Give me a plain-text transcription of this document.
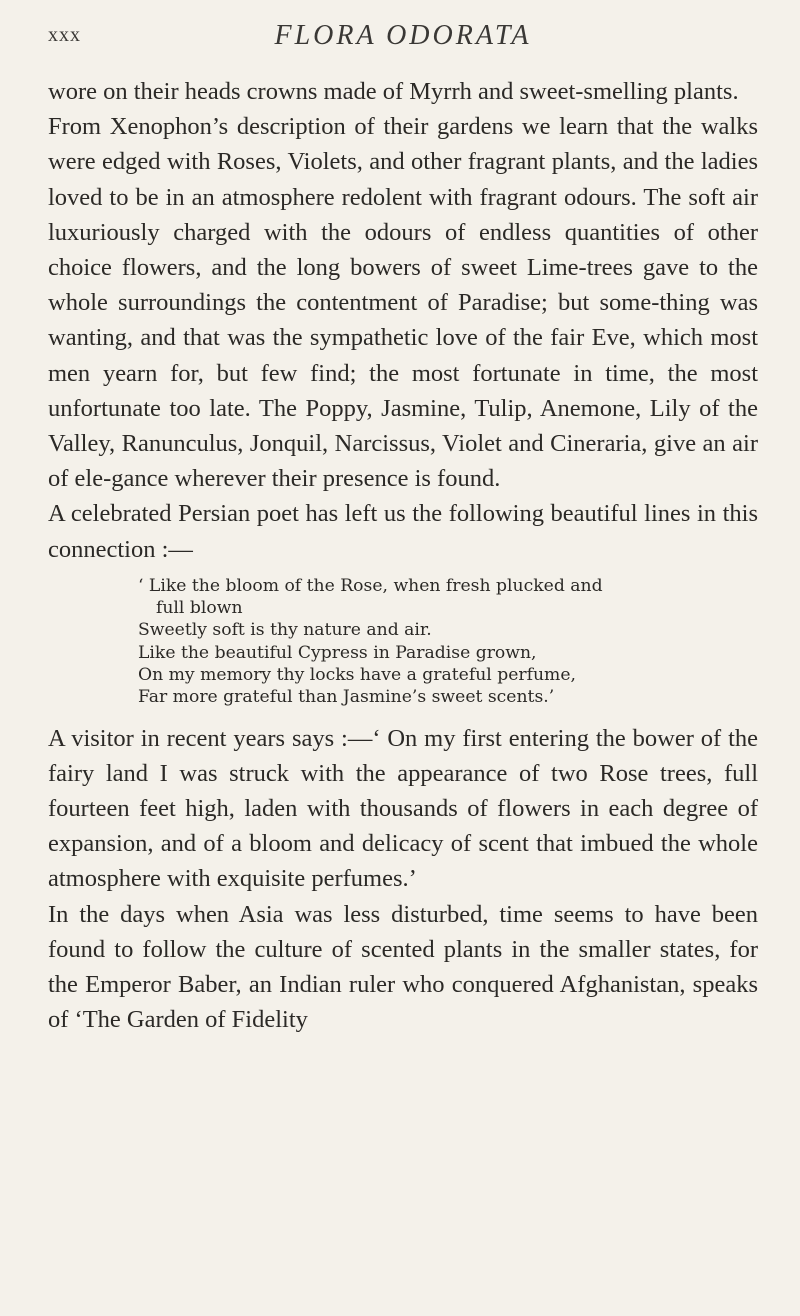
xxx	FLORA ODORATA

wore on their heads crowns made of Myrrh and sweet-smelling plants.

From Xenophon’s description of their gardens we learn that the walks were edged with Roses, Violets, and other fragrant plants, and the ladies loved to be in an atmosphere redolent with fragrant odours. The soft air luxuriously charged with the odours of endless quantities of other choice flowers, and the long bowers of sweet Lime-trees gave to the whole surroundings the contentment of Paradise; but some-thing was wanting, and that was the sympathetic love of the fair Eve, which most men yearn for, but few find; the most fortunate in time, the most unfortunate too late. The Poppy, Jasmine, Tulip, Anemone, Lily of the Valley, Ranunculus, Jonquil, Narcissus, Violet and Cineraria, give an air of ele-gance wherever their presence is found.

A celebrated Persian poet has left us the following beautiful lines in this connection :—

‘ Like the bloom of the Rose, when fresh plucked and
full blown
Sweetly soft is thy nature and air.
Like the beautiful Cypress in Paradise grown,
On my memory thy locks have a grateful perfume,
Far more grateful than Jasmine’s sweet scents.’

A visitor in recent years says :—‘ On my first entering the bower of the fairy land I was struck with the appearance of two Rose trees, full fourteen feet high, laden with thousands of flowers in each degree of expansion, and of a bloom and delicacy of scent that imbued the whole atmosphere with exquisite perfumes.’

In the days when Asia was less disturbed, time seems to have been found to follow the culture of scented plants in the smaller states, for the Emperor Baber, an Indian ruler who conquered Afghanistan, speaks of ‘The Garden of Fidelity
